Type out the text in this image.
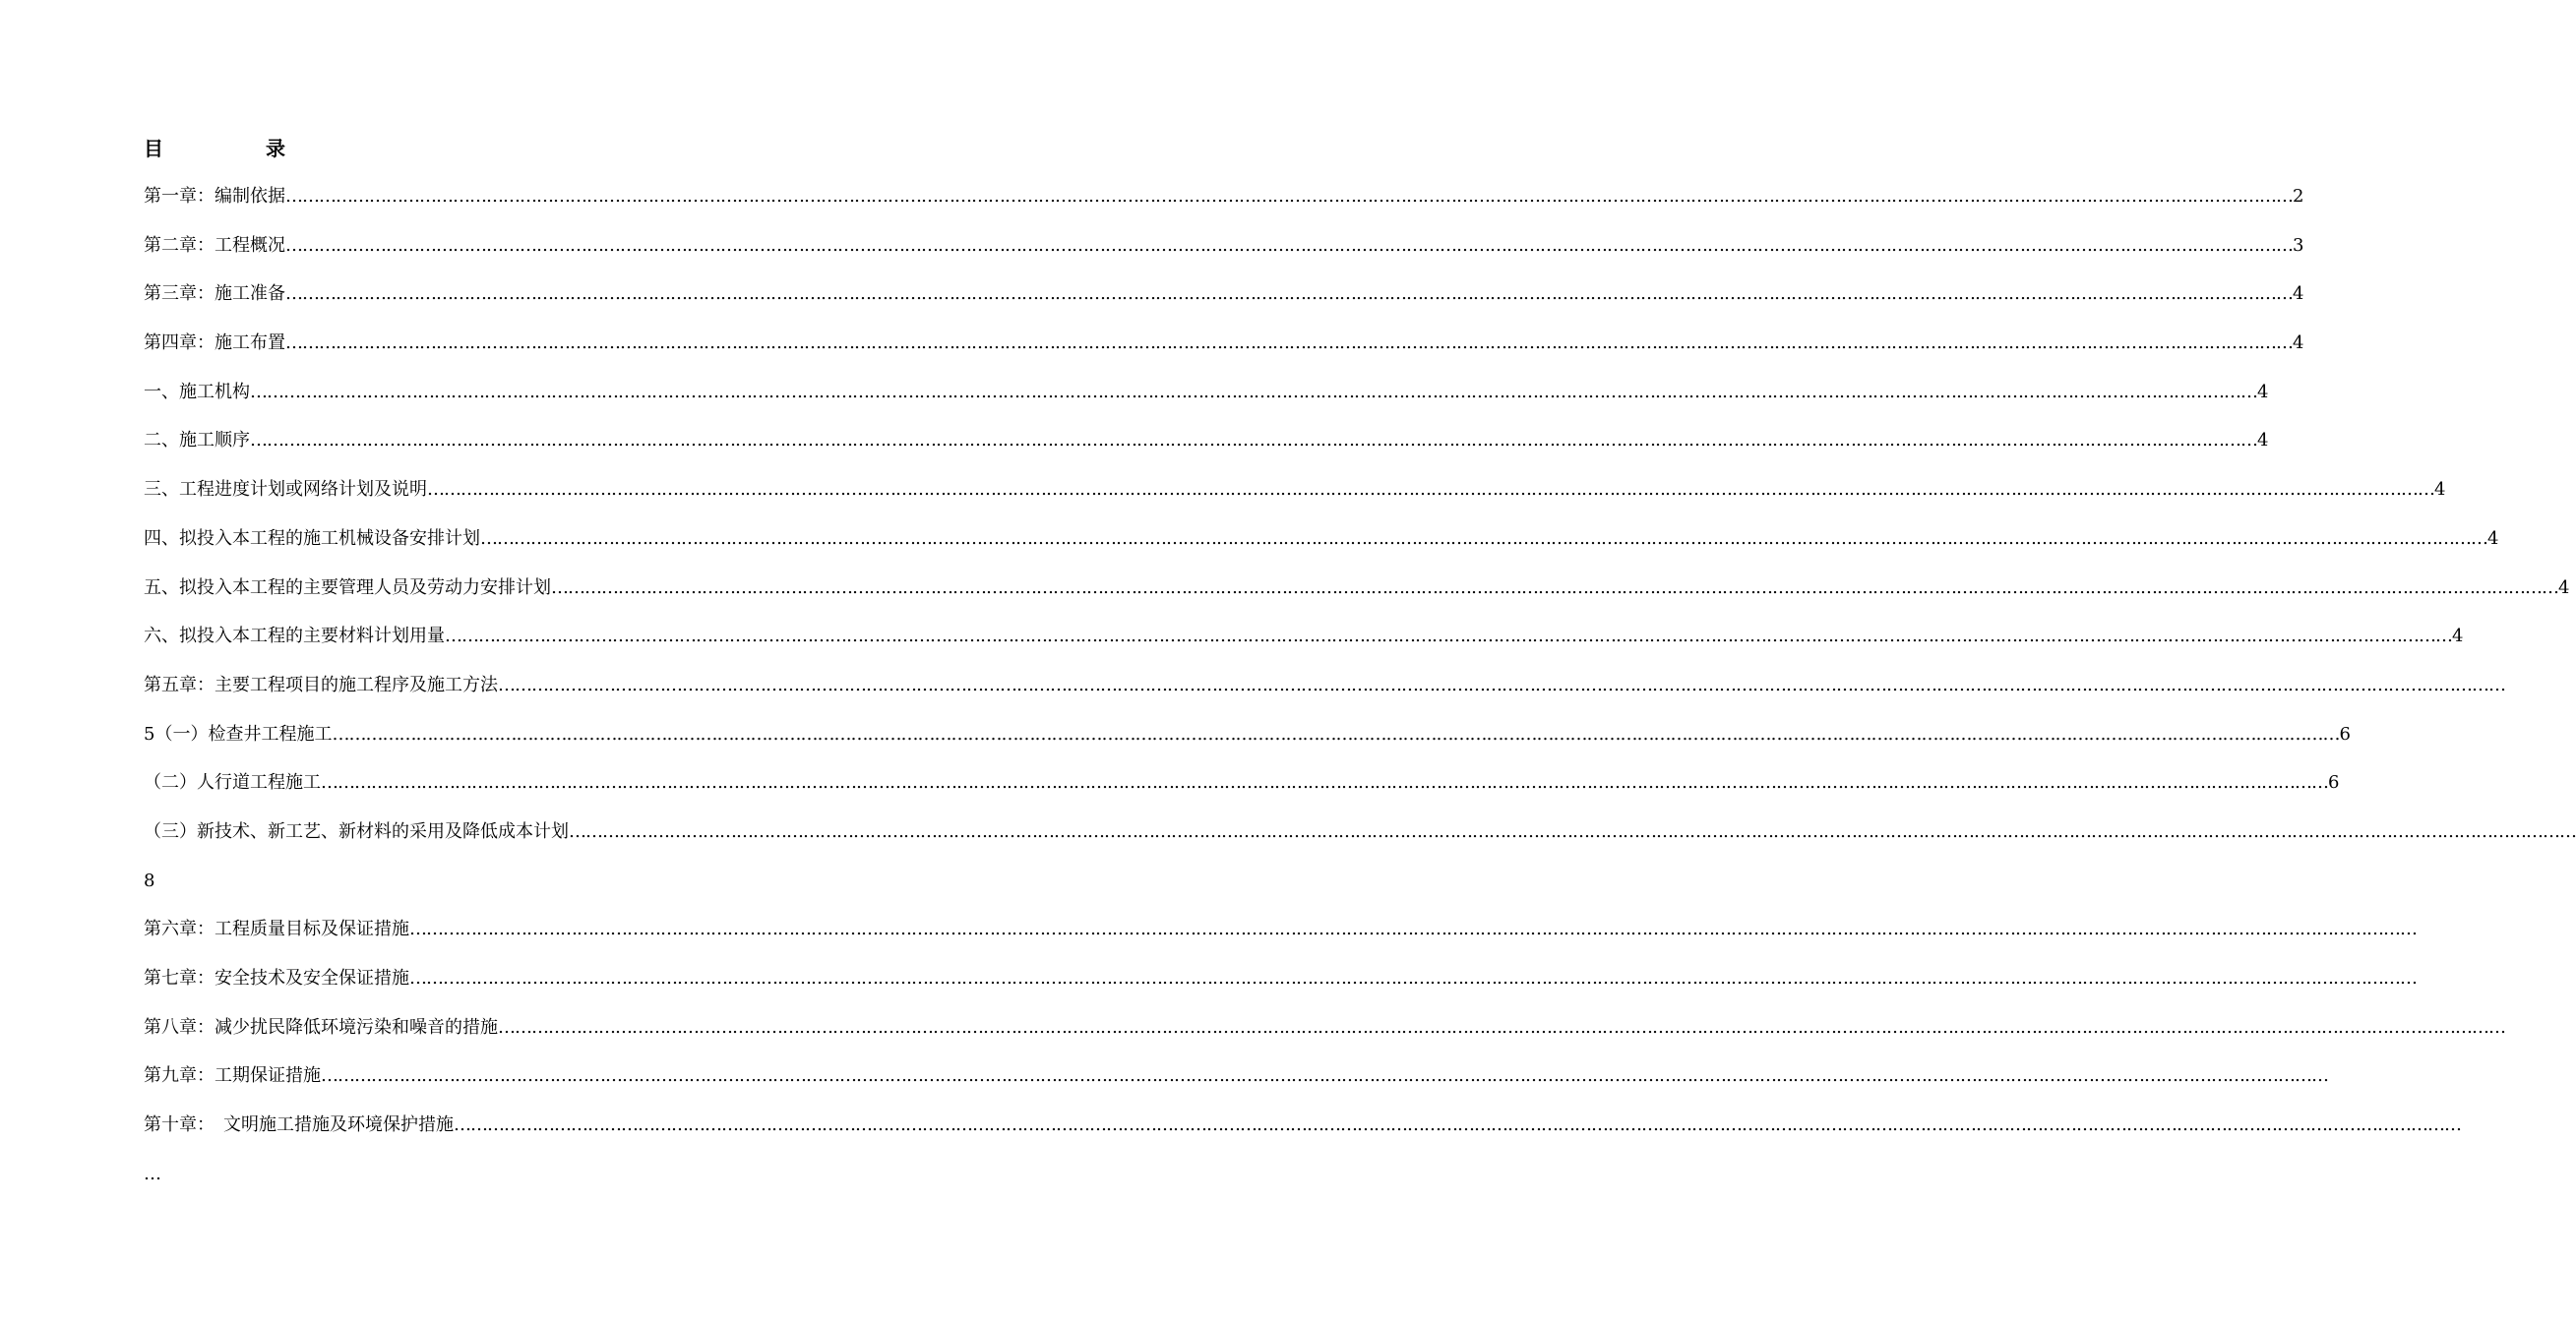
目	录
第一章：编制依据 ……………………………………………………………………………………………………………………………………………………………………………………………………………………………………………………………………………………………………………………………… 2
第二章：工程概况 ……………………………………………………………………………………………………………………………………………………………………………………………………………………………………………………………………………………………………………………………… 3
第三章：施工准备 ……………………………………………………………………………………………………………………………………………………………………………………………………………………………………………………………………………………………………………………………… 4
第四章：施工布置 ……………………………………………………………………………………………………………………………………………………………………………………………………………………………………………………………………………………………………………………………… 4
一、施工机构 ……………………………………………………………………………………………………………………………………………………………………………………………………………………………………………………………………………………………………………………………… 4
二、施工顺序 ……………………………………………………………………………………………………………………………………………………………………………………………………………………………………………………………………………………………………………………………… 4
三、工程进度计划或网络计划及说明 ……………………………………………………………………………………………………………………………………………………………………………………………………………………………………………………………………………………………………………………………… 4
四、拟投入本工程的施工机械设备安排计划 ……………………………………………………………………………………………………………………………………………………………………………………………………………………………………………………………………………………………………………………………… 4
五、拟投入本工程的主要管理人员及劳动力安排计划 ……………………………………………………………………………………………………………………………………………………………………………………………………………………………………………………………………………………………………………………………… 4
六、拟投入本工程的主要材料计划用量 ……………………………………………………………………………………………………………………………………………………………………………………………………………………………………………………………………………………………………………………………… 4
第五章：主要工程项目的施工程序及施工方法 ………………………………………………………………………………………………………………………………………………………………………………………………………………………………………………………………………………………………………………………………
5（一）检查井工程施工 ……………………………………………………………………………………………………………………………………………………………………………………………………………………………………………………………………………………………………………………………… 6
（二）人行道工程施工 ……………………………………………………………………………………………………………………………………………………………………………………………………………………………………………………………………………………………………………………………… 6
（三）新技术、新工艺、新材料的采用及降低成本计划 ………………………………………………………………………………………………………………………………………………………………………………………………………………………………………………………………………………………………………………………………
8
第六章：工程质量目标及保证措施 ………………………………………………………………………………………………………………………………………………………………………………………………………………………………………………………………………………………………………………………………
第七章：安全技术及安全保证措施 ………………………………………………………………………………………………………………………………………………………………………………………………………………………………………………………………………………………………………………………………
第八章：减少扰民降低环境污染和噪音的措施 ………………………………………………………………………………………………………………………………………………………………………………………………………………………………………………………………………………………………………………………………
第九章：工期保证措施 ………………………………………………………………………………………………………………………………………………………………………………………………………………………………………………………………………………………………………………………………
第十章：　文明施工措施及环境保护措施 ………………………………………………………………………………………………………………………………………………………………………………………………………………………………………………………………………………………………………………………………
…
